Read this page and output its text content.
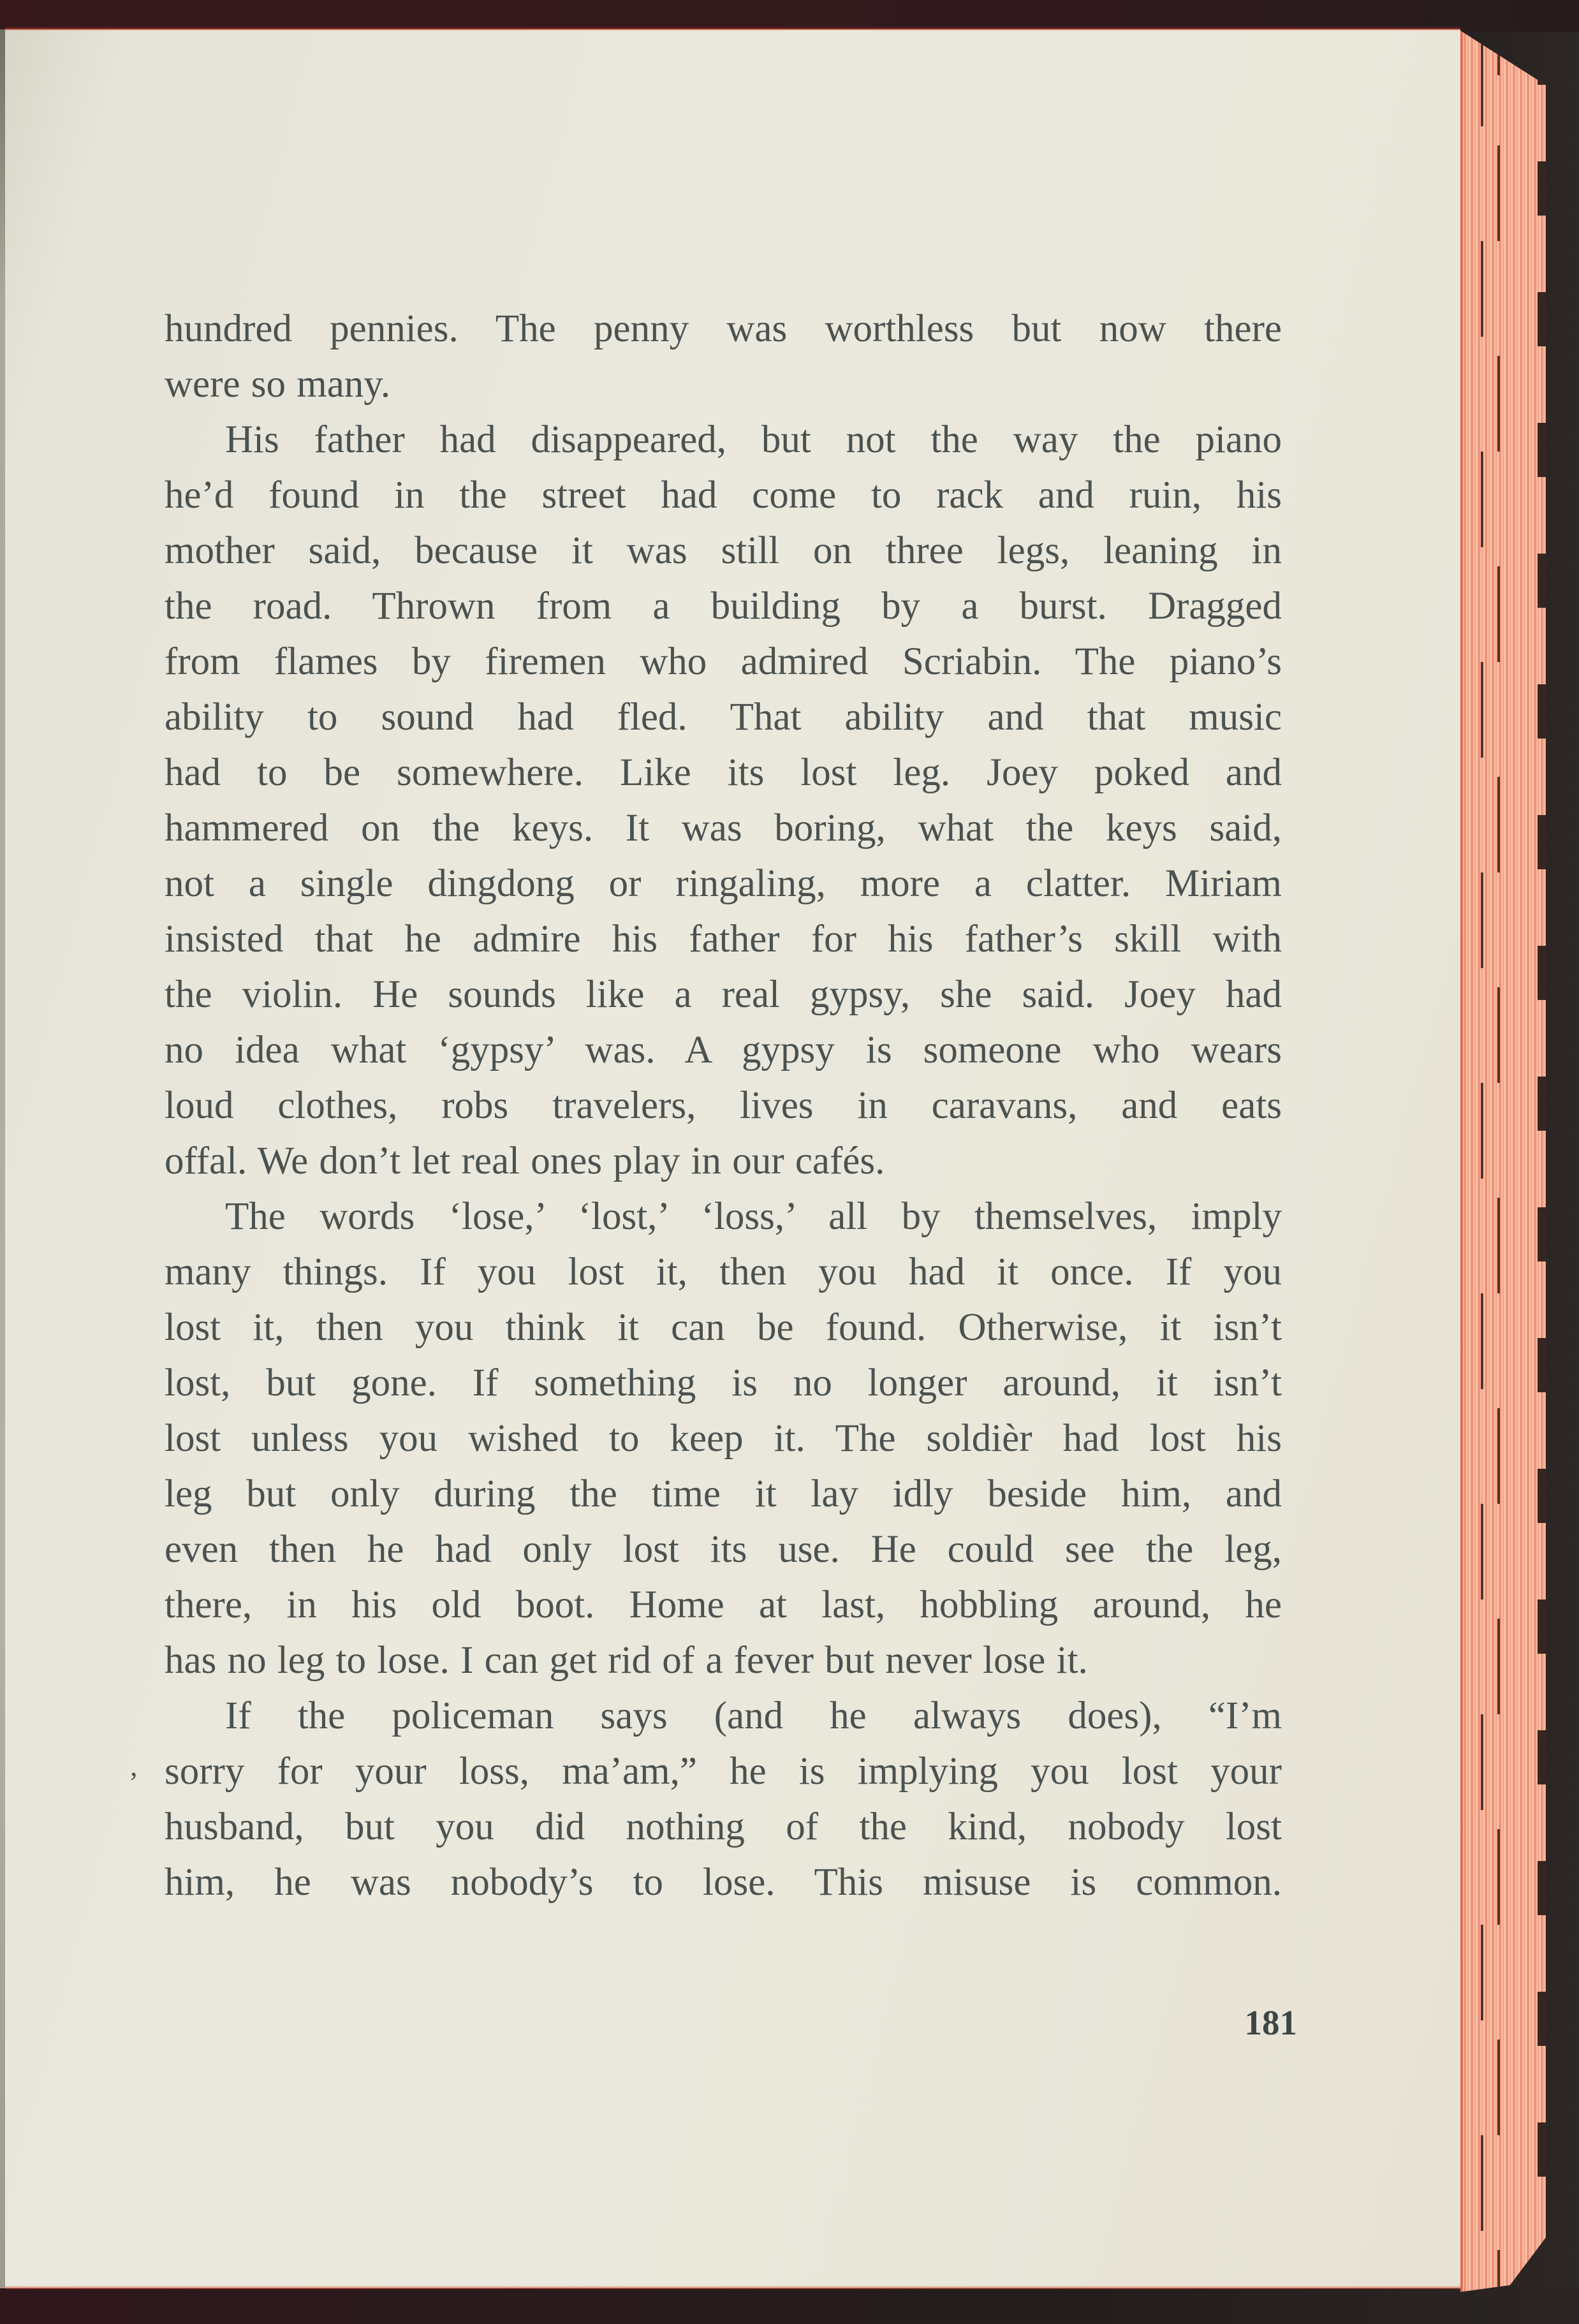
hundred pennies. The penny was worthless but now there
were so many.
His father had disappeared, but not the way the piano
he’d found in the street had come to rack and ruin, his
mother said, because it was still on three legs, leaning in
the road. Thrown from a building by a burst. Dragged
from flames by firemen who admired Scriabin. The piano’s
ability to sound had fled. That ability and that music
had to be somewhere. Like its lost leg. Joey poked and
hammered on the keys. It was boring, what the keys said,
not a single dingdong or ringaling, more a clatter. Miriam
insisted that he admire his father for his father’s skill with
the violin. He sounds like a real gypsy, she said. Joey had
no idea what ‘gypsy’ was. A gypsy is someone who wears
loud clothes, robs travelers, lives in caravans, and eats
offal. We don’t let real ones play in our cafés.
The words ‘lose,’ ‘lost,’ ‘loss,’ all by themselves, imply
many things. If you lost it, then you had it once. If you
lost it, then you think it can be found. Otherwise, it isn’t
lost, but gone. If something is no longer around, it isn’t
lost unless you wished to keep it. The soldièr had lost his
leg but only during the time it lay idly beside him, and
even then he had only lost its use. He could see the leg,
there, in his old boot. Home at last, hobbling around, he
has no leg to lose. I can get rid of a fever but never lose it.
If the policeman says (and he always does), “I’m
sorry for your loss, ma’am,” he is implying you lost your
husband, but you did nothing of the kind, nobody lost
him, he was nobody’s to lose. This misuse is common.
,
181
